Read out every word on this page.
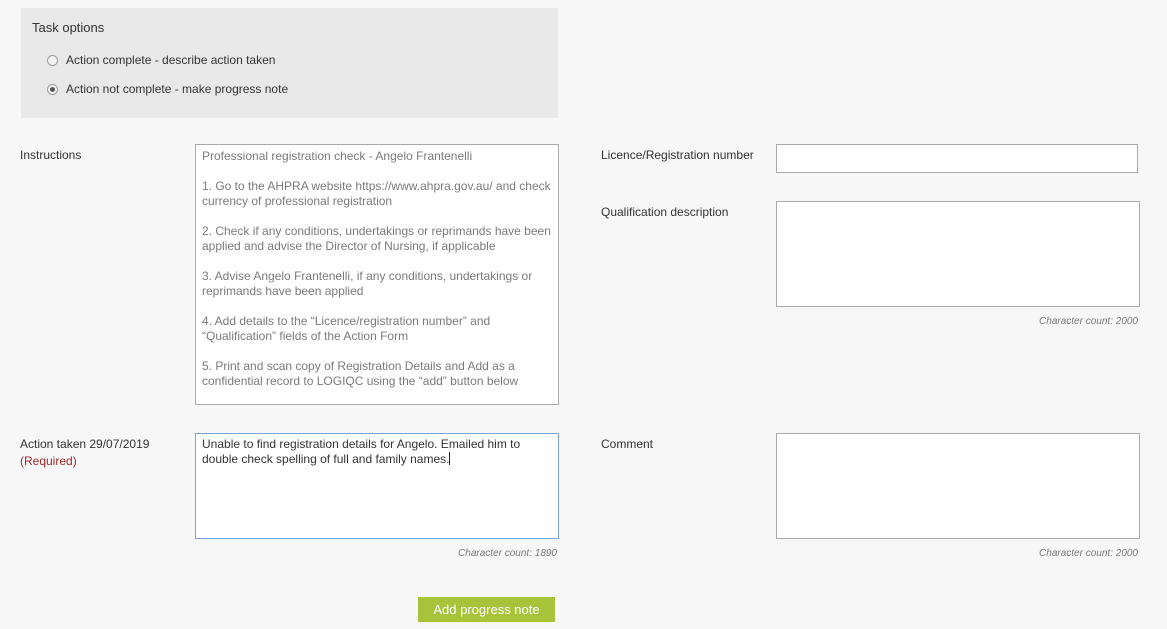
Task options
Action complete - describe action taken
Action not complete - make progress note
Instructions	Professional registration check - Angelo Frantenelli

1. Go to the AHPRA website https://www.ahpra.gov.au/ and check currency of professional registration

2. Check if any conditions, undertakings or reprimands have been applied and advise the Director of Nursing, if applicable

3. Advise Angelo Frantenelli, if any conditions, undertakings or reprimands have been applied

4. Add details to the “Licence/registration number” and “Qualification” fields of the Action Form

5. Print and scan copy of Registration Details and Add as a confidential record to LOGIQC using the “add” button below

Licence/Registration number
Qualification description
Character count: 2000
Action taken 29/07/2019
(Required)
Unable to find registration details for Angelo. Emailed him to double check spelling of full and family names.
Character count: 1890
Comment
Character count: 2000
Add progress note
